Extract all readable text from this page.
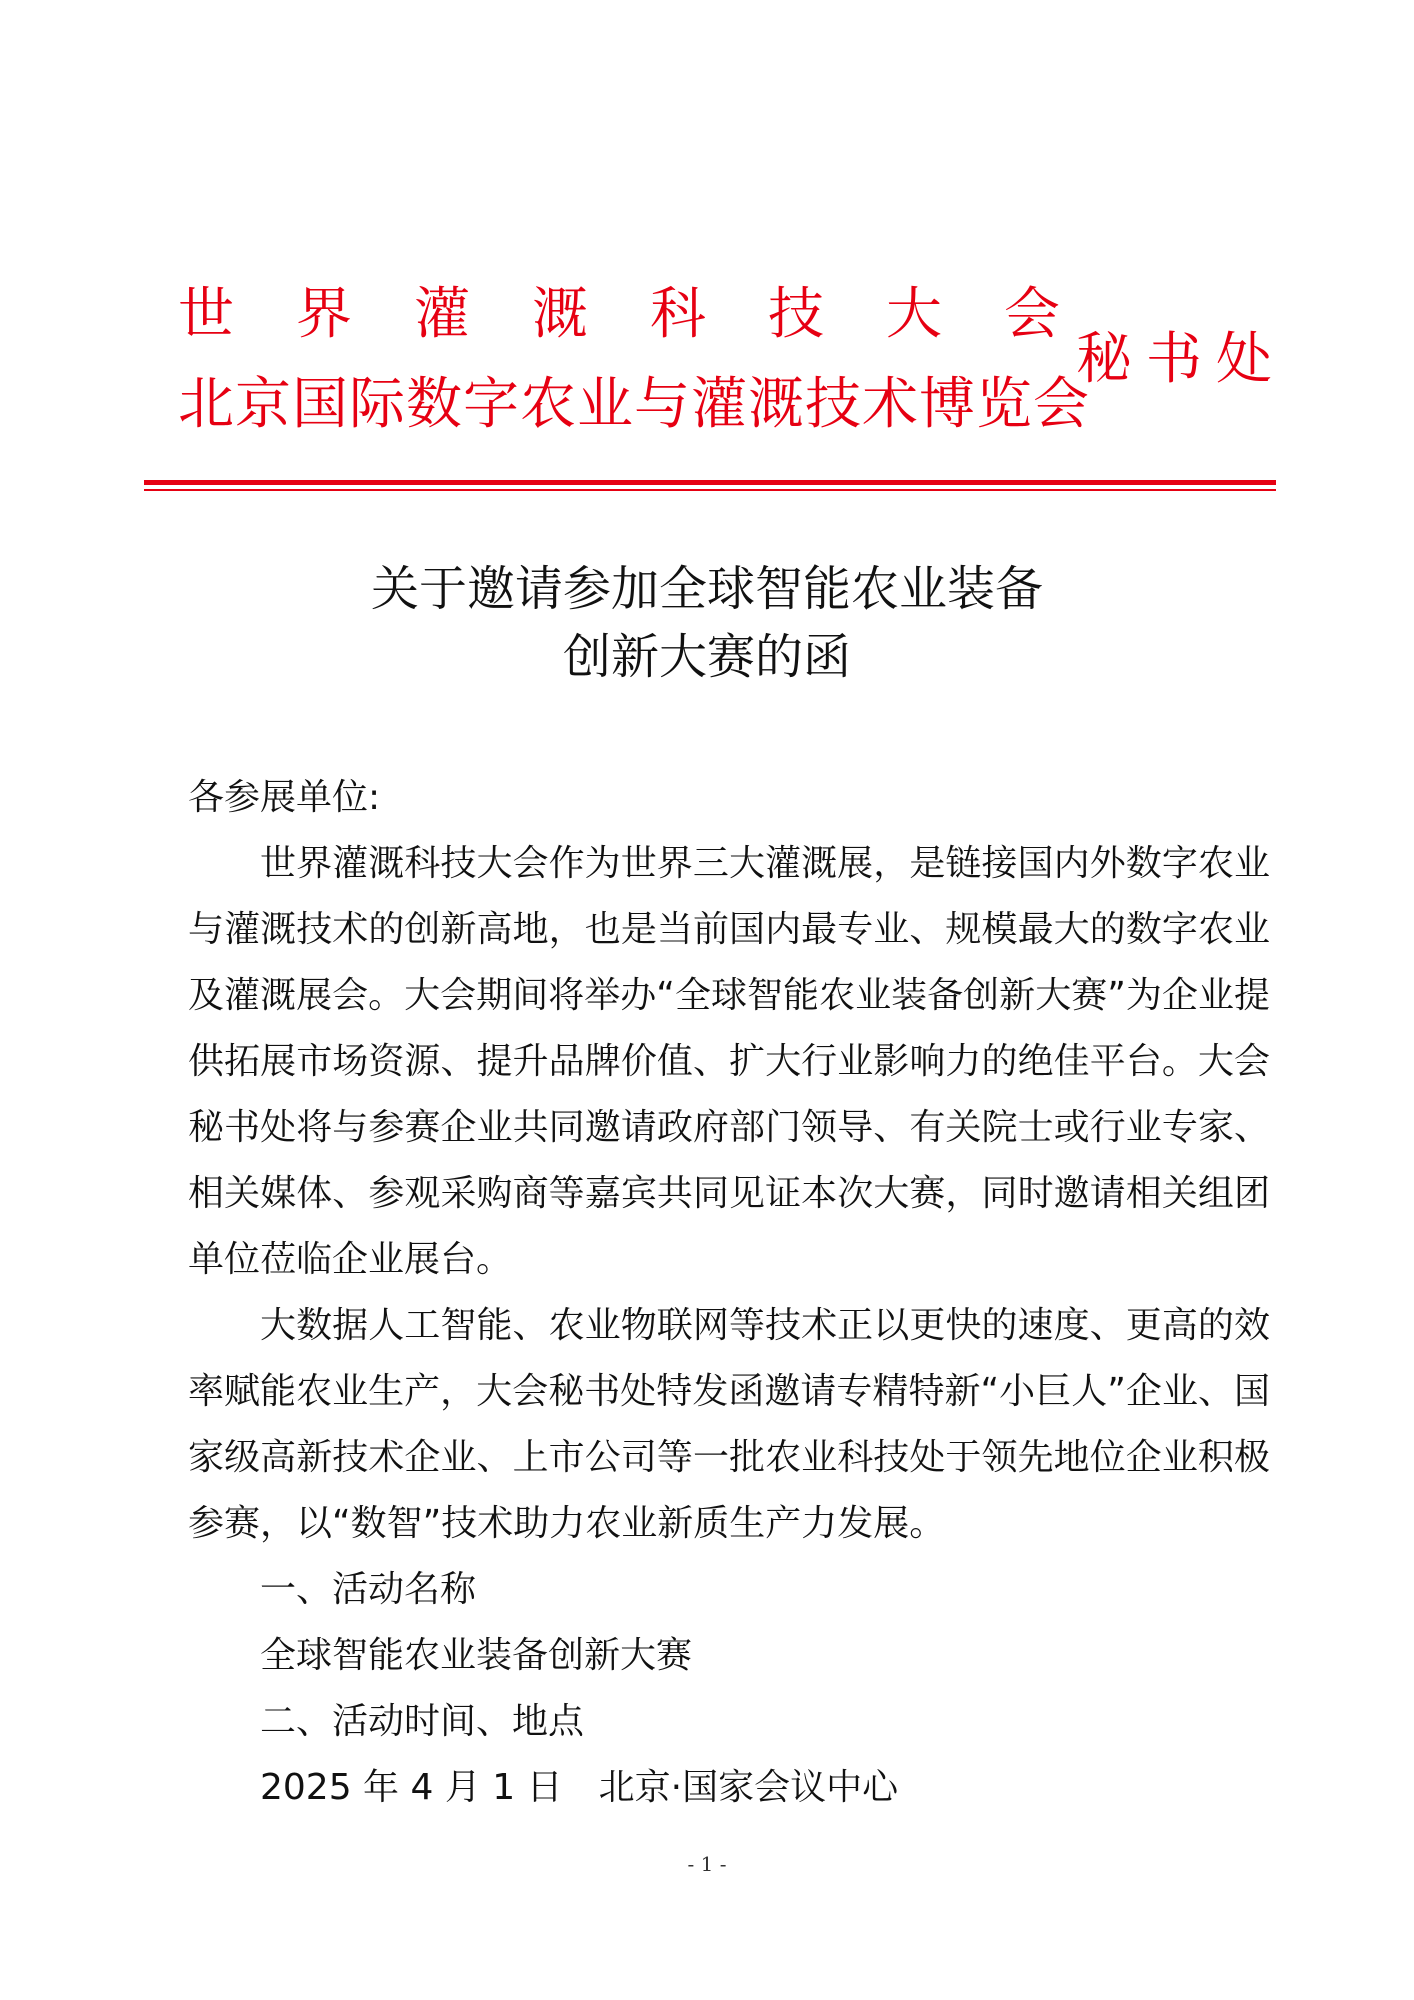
世界灌溉科技大会
北京国际数字农业与灌溉技术博览会
秘书处
关于邀请参加全球智能农业装备
创新大赛的函

各参展单位:

世界灌溉科技大会作为世界三大灌溉展，是链接国内外数字农业与灌溉技术的创新高地，也是当前国内最专业、规模最大的数字农业及灌溉展会。大会期间将举办“全球智能农业装备创新大赛”为企业提供拓展市场资源、提升品牌价值、扩大行业影响力的绝佳平台。大会秘书处将与参赛企业共同邀请政府部门领导、有关院士或行业专家、相关媒体、参观采购商等嘉宾共同见证本次大赛，同时邀请相关组团单位莅临企业展台。

大数据人工智能、农业物联网等技术正以更快的速度、更高的效率赋能农业生产，大会秘书处特发函邀请专精特新“小巨人”企业、国家级高新技术企业、上市公司等一批农业科技处于领先地位企业积极参赛，以“数智”技术助力农业新质生产力发展。

一、活动名称

全球智能农业装备创新大赛

二、活动时间、地点

2025 年 4 月 1 日　北京·国家会议中心

- 1 -
